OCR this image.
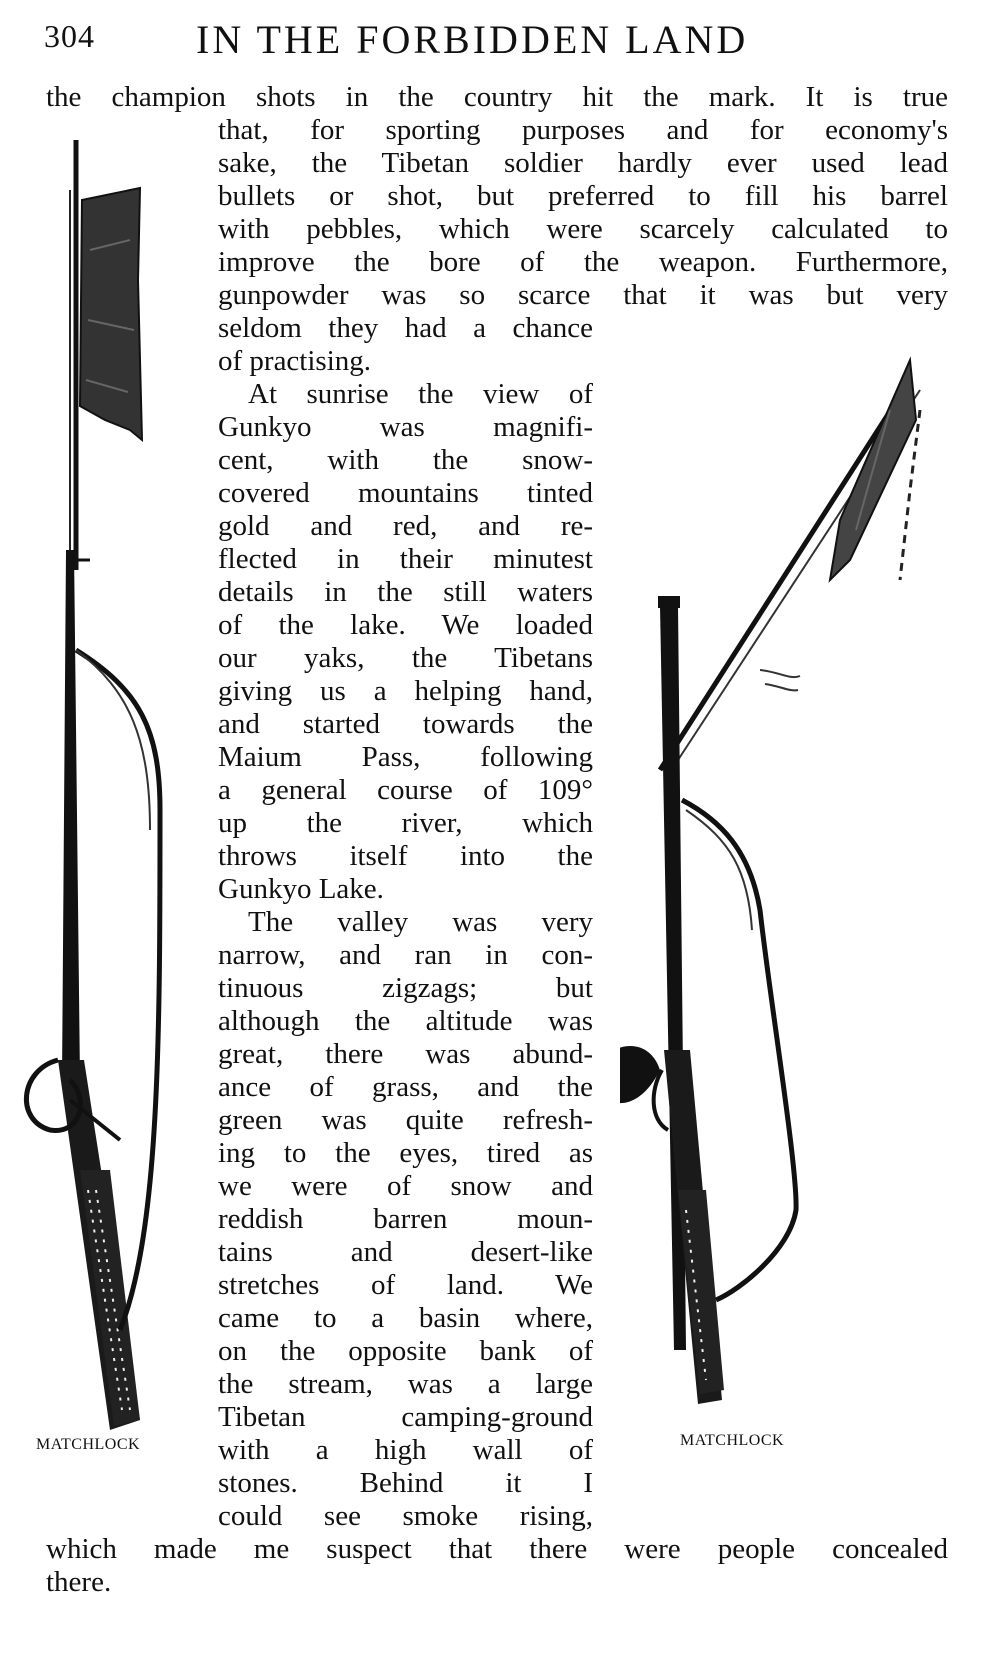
304	IN THE FORBIDDEN LAND
the champion shots in the country hit the mark. It is true
that, for sporting purposes and for economy's
sake, the Tibetan soldier hardly ever used lead
bullets or shot, but preferred to fill his barrel
with pebbles, which were scarcely calculated to
improve the bore of the weapon. Furthermore,
gunpowder was so scarce that it was but very
seldom they had a chance
of practising.
At sunrise the view of
Gunkyo was magnifi-
cent, with the snow-
covered mountains tinted
gold and red, and re-
flected in their minutest
details in the still waters
of the lake. We loaded
our yaks, the Tibetans
giving us a helping hand,
and started towards the
Maium Pass, following
a general course of 109°
up the river, which
throws itself into the
Gunkyo Lake.
The valley was very
narrow, and ran in con-
tinuous zigzags; but
although the altitude was
great, there was abund-
ance of grass, and the
green was quite refresh-
ing to the eyes, tired as
we were of snow and
reddish barren moun-
tains and desert-like
stretches of land. We
came to a basin where,
on the opposite bank of
the stream, was a large
Tibetan camping-ground
with a high wall of
stones. Behind it I
could see smoke rising,
which made me suspect that there were people concealed
there.
MATCHLOCK	MATCHLOCK
